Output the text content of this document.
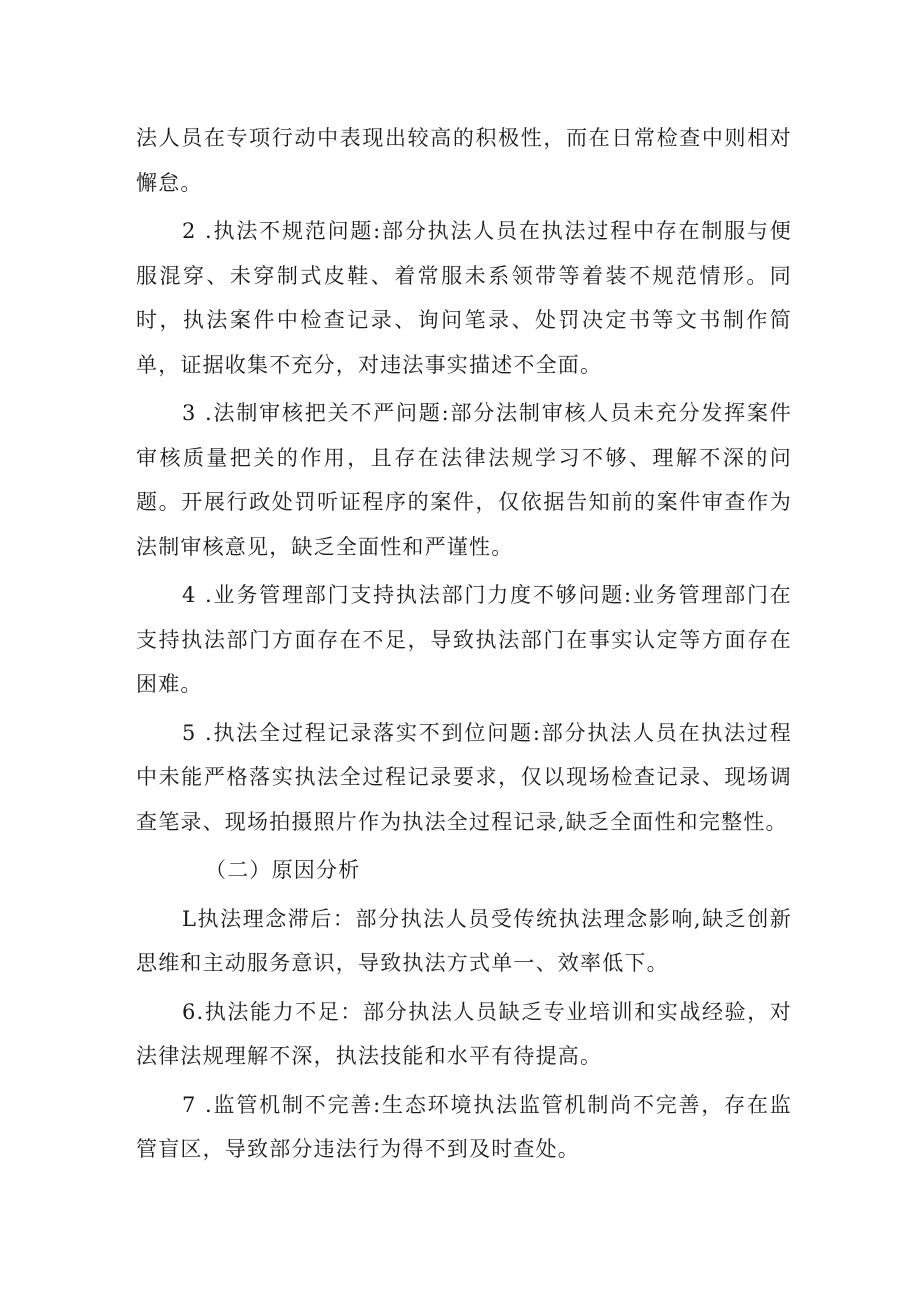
法人员在专项行动中表现出较高的积极性，而在日常检查中则相对懈怠。

2 .执法不规范问题:部分执法人员在执法过程中存在制服与便服混穿、未穿制式皮鞋、着常服未系领带等着装不规范情形。同时，执法案件中检查记录、询问笔录、处罚决定书等文书制作简单，证据收集不充分，对违法事实描述不全面。

3 .法制审核把关不严问题:部分法制审核人员未充分发挥案件审核质量把关的作用，且存在法律法规学习不够、理解不深的问题。开展行政处罚听证程序的案件，仅依据告知前的案件审查作为法制审核意见，缺乏全面性和严谨性。

4 .业务管理部门支持执法部门力度不够问题:业务管理部门在支持执法部门方面存在不足，导致执法部门在事实认定等方面存在困难。

5 .执法全过程记录落实不到位问题:部分执法人员在执法过程中未能严格落实执法全过程记录要求，仅以现场检查记录、现场调查笔录、现场拍摄照片作为执法全过程记录,缺乏全面性和完整性。

（二）原因分析

L执法理念滞后：部分执法人员受传统执法理念影响,缺乏创新思维和主动服务意识，导致执法方式单一、效率低下。

6.执法能力不足：部分执法人员缺乏专业培训和实战经验，对法律法规理解不深，执法技能和水平有待提高。

7 .监管机制不完善:生态环境执法监管机制尚不完善，存在监管盲区，导致部分违法行为得不到及时查处。
